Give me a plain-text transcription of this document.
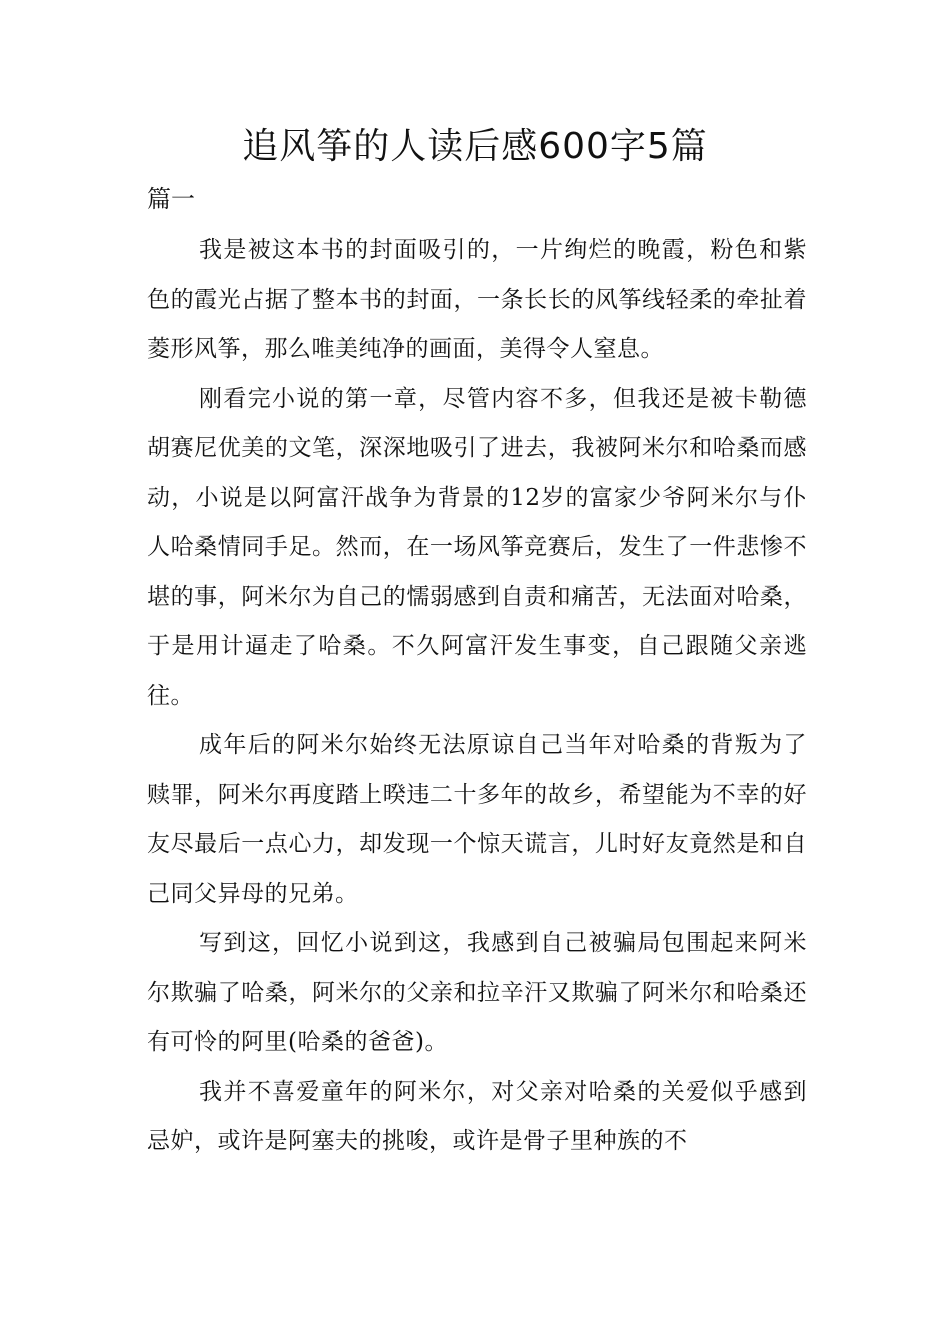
追风筝的人读后感600字5篇
篇一

我是被这本书的封面吸引的，一片绚烂的晚霞，粉色和紫色的霞光占据了整本书的封面，一条长长的风筝线轻柔的牵扯着菱形风筝，那么唯美纯净的画面，美得令人窒息。

刚看完小说的第一章，尽管内容不多，但我还是被卡勒德胡赛尼优美的文笔，深深地吸引了进去，我被阿米尔和哈桑而感动，小说是以阿富汗战争为背景的12岁的富家少爷阿米尔与仆人哈桑情同手足。然而，在一场风筝竞赛后，发生了一件悲惨不堪的事，阿米尔为自己的懦弱感到自责和痛苦，无法面对哈桑，于是用计逼走了哈桑。不久阿富汗发生事变，自己跟随父亲逃往。

成年后的阿米尔始终无法原谅自己当年对哈桑的背叛为了赎罪，阿米尔再度踏上暌违二十多年的故乡，希望能为不幸的好友尽最后一点心力，却发现一个惊天谎言，儿时好友竟然是和自己同父异母的兄弟。

写到这，回忆小说到这，我感到自己被骗局包围起来阿米尔欺骗了哈桑，阿米尔的父亲和拉辛汗又欺骗了阿米尔和哈桑还有可怜的阿里(哈桑的爸爸)。

我并不喜爱童年的阿米尔，对父亲对哈桑的关爱似乎感到忌妒，或许是阿塞夫的挑唆，或许是骨子里种族的不
